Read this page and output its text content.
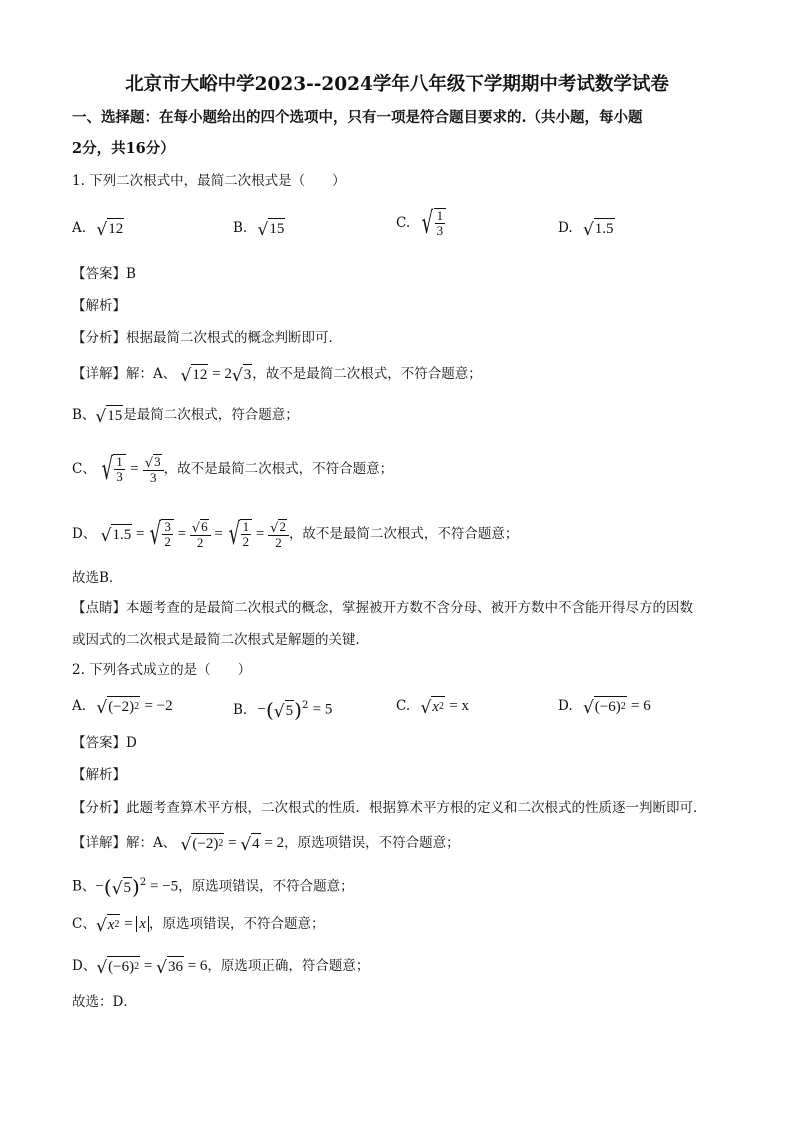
北京市大峪中学2023--2024学年八年级下学期期中考试数学试卷
一、选择题：在每小题给出的四个选项中，只有一项是符合题目要求的.（共小题，每小题
2分，共16分）
1. 下列二次根式中，最简二次根式是（　　）
A. √ 12	B. √ 15	C. √ $\frac{1}{3}$	D. √ 1.5
【答案】B
【解析】
【分析】根据最简二次根式的概念判断即可．
【详解】解：A、 √ 12 = 2 √ 3 ，故不是最简二次根式，不符合题意；
B、 √ 15 是最简二次根式，符合题意；
C、 √ $\frac{1}{3} = \frac{√ 3}{3}$ ，故不是最简二次根式，不符合题意；
D、 √ 1.5 = √ $\frac{3}{2} = \frac{√ 6}{2}$ = √ $\frac{1}{2} = \frac{√ 2}{2}$ ，故不是最简二次根式，不符合题意；
故选B．
【点睛】本题考查的是最简二次根式的概念，掌握被开方数不含分母、被开方数中不含能开得尽方的因数
或因式的二次根式是最简二次根式是解题的关键．
2. 下列各式成立的是（　　）
A. √ (−2) 2 = −2	B. −( √ 5 )$^2$ = 5	C. √ x 2 = x	D. √ (−6) 2 = 6
【答案】D
【解析】
【分析】此题考查算术平方根，二次根式的性质．根据算术平方根的定义和二次根式的性质逐一判断即可．
【详解】解：A、 √ (−2) 2 = √ 4 = 2，原选项错误，不符合题意；
B、−( √ 5 )$^2$ = −5，原选项错误，不符合题意；
C、 √ x 2 = x ，原选项错误，不符合题意；
D、 √ (−6) 2 = √ 36 = 6，原选项正确，符合题意；
故选：D．
